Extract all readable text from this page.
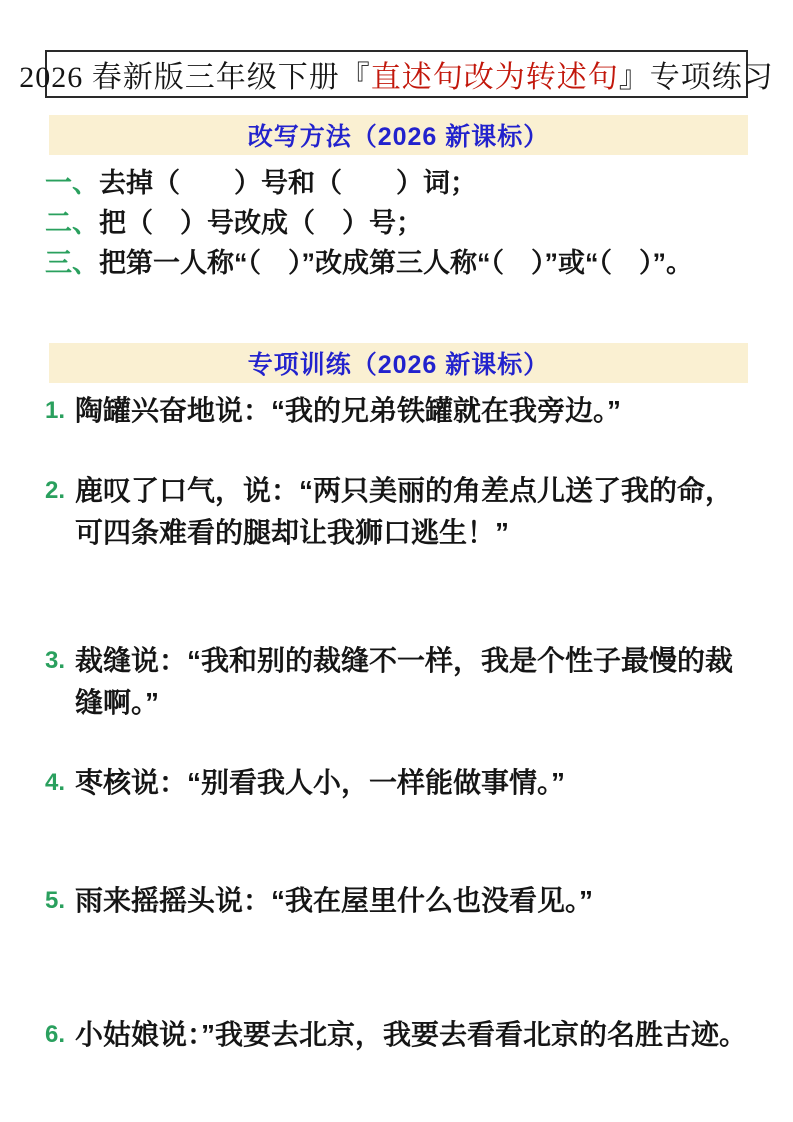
2026 春新版三年级下册『 直述句改为转述句 』专项练习
改写方法（2026 新课标）
一、 去掉（　　）号和（　　）词；
二、 把（　）号改成（　）号；
三、 把第一人称“（　）”改成第三人称“（　）”或“（　）”。
专项训练（2026 新课标）
1. 陶罐兴奋地说：“我的兄弟铁罐就在我旁边。”
2. 鹿叹了口气，说：“两只美丽的角差点儿送了我的命，可四条难看的腿却让我狮口逃生！”
3. 裁缝说：“我和别的裁缝不一样，我是个性子最慢的裁缝啊。”
4. 枣核说：“别看我人小，一样能做事情。”
5. 雨来摇摇头说：“我在屋里什么也没看见。”
6. 小姑娘说：”我要去北京，我要去看看北京的名胜古迹。
